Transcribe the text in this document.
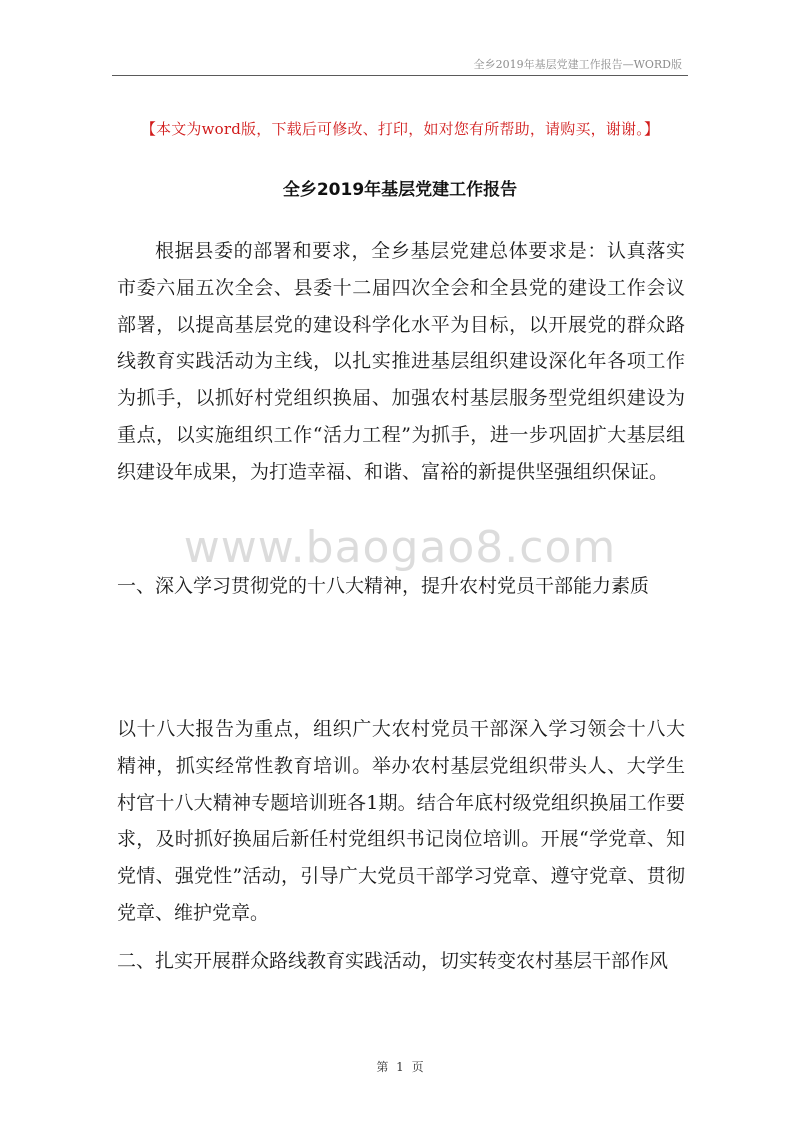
全乡2019年基层党建工作报告—WORD版
【本文为word版，下载后可修改、打印，如对您有所帮助，请购买，谢谢。】
全乡2019年基层党建工作报告

根据县委的部署和要求，全乡基层党建总体要求是：认真落实市委六届五次全会、县委十二届四次全会和全县党的建设工作会议部署，以提高基层党的建设科学化水平为目标，以开展党的群众路线教育实践活动为主线，以扎实推进基层组织建设深化年各项工作为抓手，以抓好村党组织换届、加强农村基层服务型党组织建设为重点，以实施组织工作“活力工程”为抓手，进一步巩固扩大基层组织建设年成果，为打造幸福、和谐、富裕的新提供坚强组织保证。

www.baogao8.com

一、深入学习贯彻党的十八大精神，提升农村党员干部能力素质

以十八大报告为重点，组织广大农村党员干部深入学习领会十八大精神，抓实经常性教育培训。举办农村基层党组织带头人、大学生村官十八大精神专题培训班各1期。结合年底村级党组织换届工作要求，及时抓好换届后新任村党组织书记岗位培训。开展“学党章、知党情、强党性”活动，引导广大党员干部学习党章、遵守党章、贯彻党章、维护党章。

二、扎实开展群众路线教育实践活动，切实转变农村基层干部作风

第 1 页
